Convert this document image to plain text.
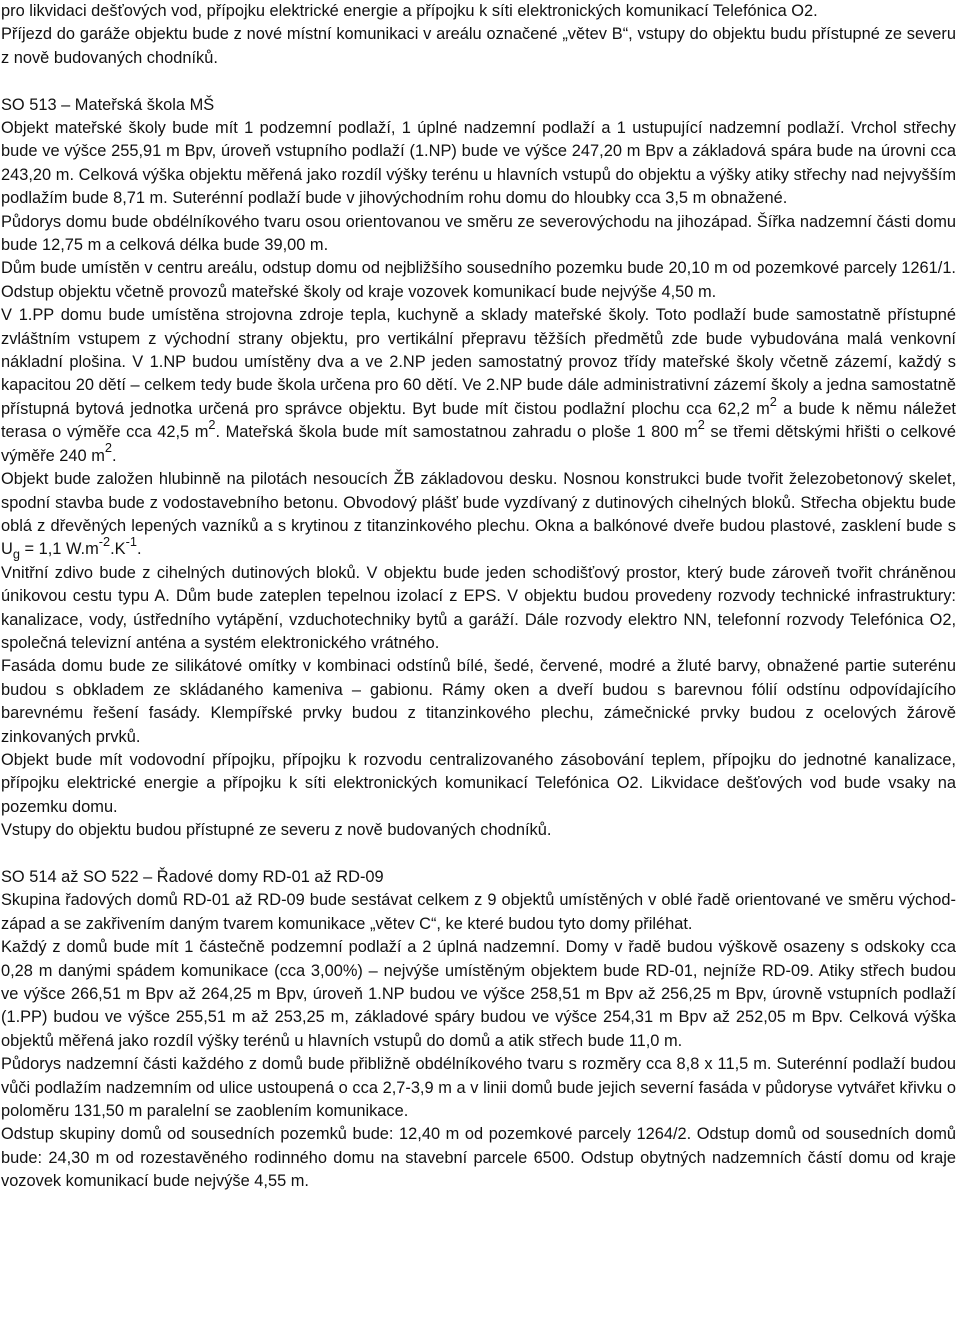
pro likvidaci dešťových vod, přípojku elektrické energie a přípojku k síti elektronických komunikací Telefónica O2.

Příjezd do garáže objektu bude z nové místní komunikaci v areálu označené „větev B“, vstupy do objektu budu přístupné ze severu z nově budovaných chodníků.

SO 513 – Mateřská škola MŠ

Objekt mateřské školy bude mít 1 podzemní podlaží, 1 úplné nadzemní podlaží a 1 ustupující nadzemní podlaží. Vrchol střechy bude ve výšce 255,91 m Bpv, úroveň vstupního podlaží (1.NP) bude ve výšce 247,20 m Bpv a základová spára bude na úrovni cca 243,20 m. Celková výška objektu měřená jako rozdíl výšky terénu u hlavních vstupů do objektu a výšky atiky střechy nad nejvyšším podlažím bude 8,71 m. Suterénní podlaží bude v jihovýchodním rohu domu do hloubky cca 3,5 m obnažené.

Půdorys domu bude obdélníkového tvaru osou orientovanou ve směru ze severovýchodu na jihozápad. Šířka nadzemní části domu bude 12,75 m a celková délka bude 39,00 m.

Dům bude umístěn v centru areálu, odstup domu od nejbližšího sousedního pozemku bude 20,10 m od pozemkové parcely 1261/1. Odstup objektu včetně provozů mateřské školy od kraje vozovek komunikací bude nejvýše 4,50 m.

V 1.PP domu bude umístěna strojovna zdroje tepla, kuchyně a sklady mateřské školy. Toto podlaží bude samostatně přístupné zvláštním vstupem z východní strany objektu, pro vertikální přepravu těžších předmětů zde bude vybudována malá venkovní nákladní plošina. V 1.NP budou umístěny dva a ve 2.NP jeden samostatný provoz třídy mateřské školy včetně zázemí, každý s kapacitou 20 dětí – celkem tedy bude škola určena pro 60 dětí. Ve 2.NP bude dále administrativní zázemí školy a jedna samostatně přístupná bytová jednotka určená pro správce objektu. Byt bude mít čistou podlažní plochu cca 62,2 $m^2$ a bude k němu náležet terasa o výměře cca 42,5 $m^2$. Mateřská škola bude mít samostatnou zahradu o ploše 1 800 $m^2$ se třemi dětskými hřišti o celkové výměře 240 $m^2$.

Objekt bude založen hlubinně na pilotách nesoucích ŽB základovou desku. Nosnou konstrukci bude tvořit železobetonový skelet, spodní stavba bude z vodostavebního betonu. Obvodový plášť bude vyzdívaný z dutinových cihelných bloků. Střecha objektu bude oblá z dřevěných lepených vazníků a s krytinou z titanzinkového plechu. Okna a balkónové dveře budou plastové, zasklení bude s $U_g = 1,1$ $W.m^{-2}.K^{-1}$.

Vnitřní zdivo bude z cihelných dutinových bloků. V objektu bude jeden schodišťový prostor, který bude zároveň tvořit chráněnou únikovou cestu typu A. Dům bude zateplen tepelnou izolací z EPS. V objektu budou provedeny rozvody technické infrastruktury: kanalizace, vody, ústředního vytápění, vzduchotechniky bytů a garáží. Dále rozvody elektro NN, telefonní rozvody Telefónica O2, společná televizní anténa a systém elektronického vrátného.

Fasáda domu bude ze silikátové omítky v kombinaci odstínů bílé, šedé, červené, modré a žluté barvy, obnažené partie suterénu budou s obkladem ze skládaného kameniva – gabionu. Rámy oken a dveří budou s barevnou fólií odstínu odpovídajícího barevnému řešení fasády. Klempířské prvky budou z titanzinkového plechu, zámečnické prvky budou z ocelových žárově zinkovaných prvků.

Objekt bude mít vodovodní přípojku, přípojku k rozvodu centralizovaného zásobování teplem, přípojku do jednotné kanalizace, přípojku elektrické energie a přípojku k síti elektronických komunikací Telefónica O2. Likvidace dešťových vod bude vsaky na pozemku domu.

Vstupy do objektu budou přístupné ze severu z nově budovaných chodníků.

SO 514 až SO 522 – Řadové domy RD-01 až RD-09

Skupina řadových domů RD-01 až RD-09 bude sestávat celkem z 9 objektů umístěných v oblé řadě orientované ve směru východ-západ a se zakřivením daným tvarem komunikace „větev C“, ke které budou tyto domy přiléhat.

Každý z domů bude mít 1 částečně podzemní podlaží a 2 úplná nadzemní. Domy v řadě budou výškově osazeny s odskoky cca 0,28 m danými spádem komunikace (cca 3,00%) – nejvýše umístěným objektem bude RD-01, nejníže RD-09. Atiky střech budou ve výšce 266,51 m Bpv až 264,25 m Bpv, úroveň 1.NP budou ve výšce 258,51 m Bpv až 256,25 m Bpv, úrovně vstupních podlaží (1.PP) budou ve výšce 255,51 m až 253,25 m, základové spáry budou ve výšce 254,31 m Bpv až 252,05 m Bpv. Celková výška objektů měřená jako rozdíl výšky terénů u hlavních vstupů do domů a atik střech bude 11,0 m.

Půdorys nadzemní části každého z domů bude přibližně obdélníkového tvaru s rozměry cca 8,8 x 11,5 m. Suterénní podlaží budou vůči podlažím nadzemním od ulice ustoupená o cca 2,7-3,9 m a v linii domů bude jejich severní fasáda v půdoryse vytvářet křivku o poloměru 131,50 m paralelní se zaoblením komunikace.

Odstup skupiny domů od sousedních pozemků bude: 12,40 m od pozemkové parcely 1264/2. Odstup domů od sousedních domů bude: 24,30 m od rozestavěného rodinného domu na stavební parcele 6500. Odstup obytných nadzemních částí domu od kraje vozovek komunikací bude nejvýše 4,55 m.
